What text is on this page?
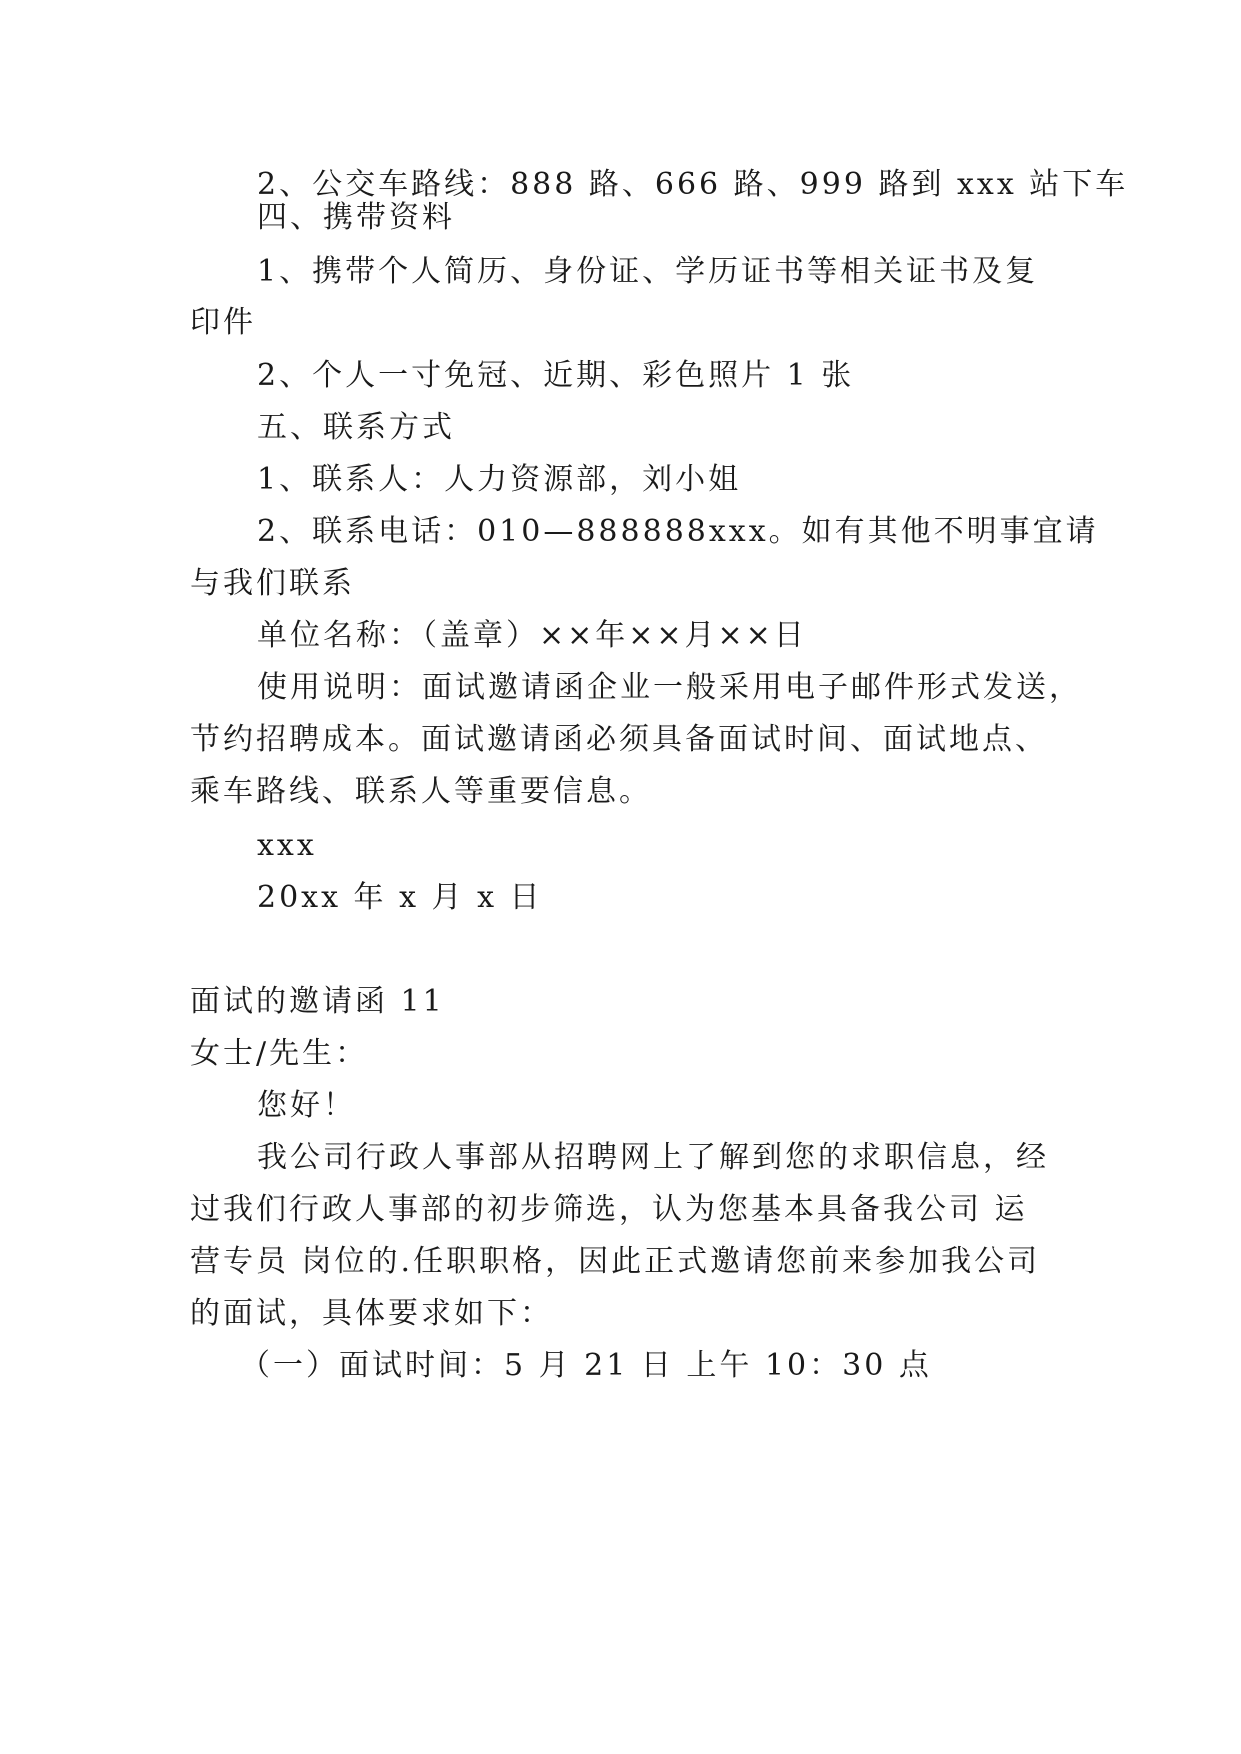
2、公交车路线：888 路、666 路、999 路到 xxx 站下车
四、携带资料
1、携带个人简历、身份证、学历证书等相关证书及复
印件
2、个人一寸免冠、近期、彩色照片 1 张
五、联系方式
1、联系人：人力资源部，刘小姐
2、联系电话：010—888888xxx。如有其他不明事宜请
与我们联系
单位名称：（盖章）××年××月××日
使用说明：面试邀请函企业一般采用电子邮件形式发送，
节约招聘成本。面试邀请函必须具备面试时间、面试地点、
乘车路线、联系人等重要信息。
xxx
20xx 年 x 月 x 日
面试的邀请函 11
女士/先生：
您好！
我公司行政人事部从招聘网上了解到您的求职信息，经
过我们行政人事部的初步筛选，认为您基本具备我公司 运
营专员 岗位的.任职职格，因此正式邀请您前来参加我公司
的面试，具体要求如下：
（一）面试时间：5 月 21 日 上午 10：30 点
